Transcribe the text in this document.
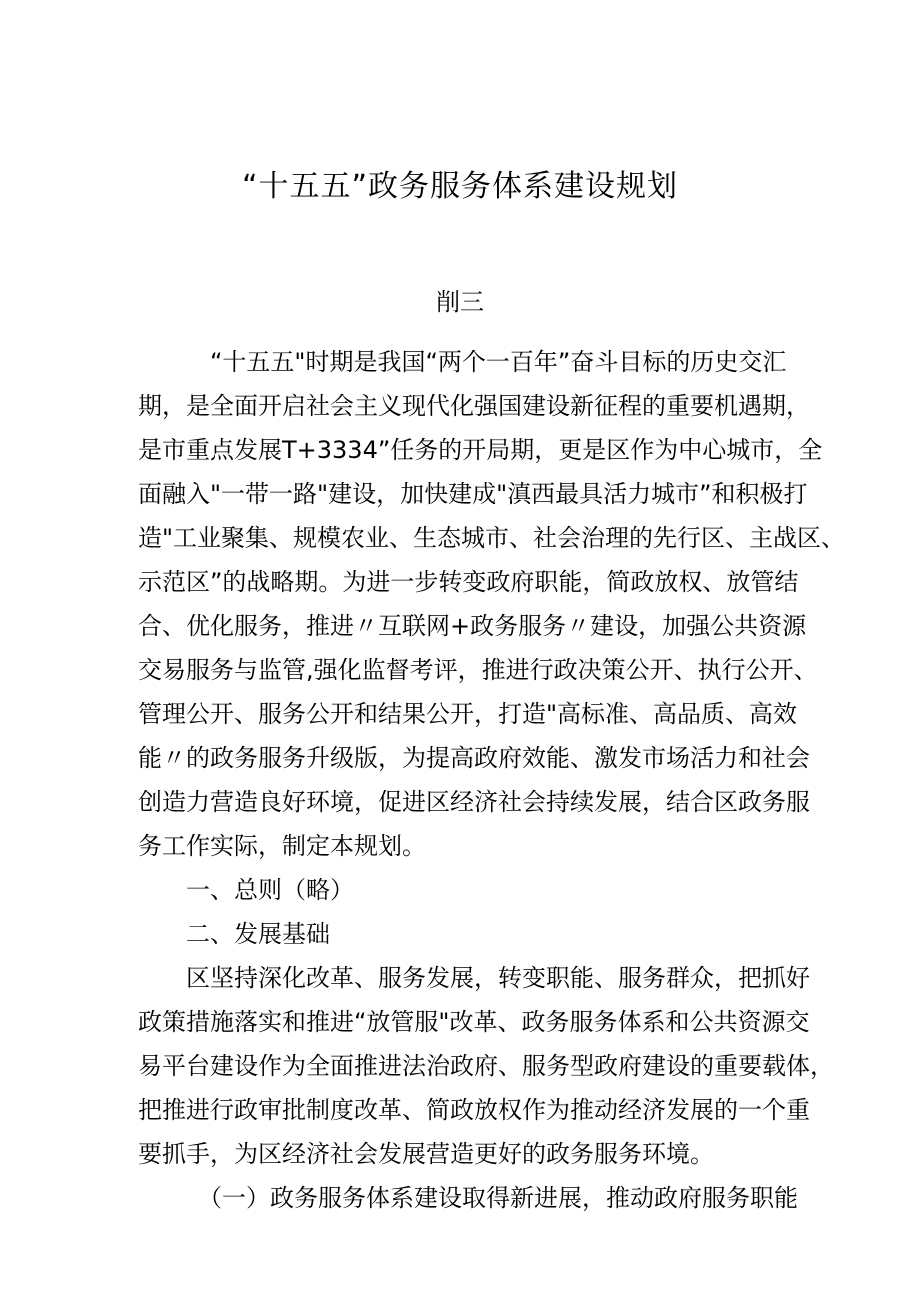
“十五五”政务服务体系建设规划
削三
“十五五"时期是我国“两个一百年”奋斗目标的历史交汇
期，是全面开启社会主义现代化强国建设新征程的重要机遇期，
是市重点发展T+3334”任务的开局期，更是区作为中心城市，全
面融入"一带一路"建设，加快建成"滇西最具活力城市”和积极打
造"工业聚集、规模农业、生态城市、社会治理的先行区、主战区、
示范区”的战略期。为进一步转变政府职能，简政放权、放管结
合、优化服务，推进〃互联网+政务服务〃建设，加强公共资源
交易服务与监管,强化监督考评，推进行政决策公开、执行公开、
管理公开、服务公开和结果公开，打造"高标准、高品质、高效
能〃的政务服务升级版，为提高政府效能、激发市场活力和社会
创造力营造良好环境，促进区经济社会持续发展，结合区政务服
务工作实际，制定本规划。
一、总则（略）
二、发展基础
区坚持深化改革、服务发展，转变职能、服务群众，把抓好
政策措施落实和推进“放管服"改革、政务服务体系和公共资源交
易平台建设作为全面推进法治政府、服务型政府建设的重要载体，
把推进行政审批制度改革、简政放权作为推动经济发展的一个重
要抓手，为区经济社会发展营造更好的政务服务环境。
（一）政务服务体系建设取得新进展，推动政府服务职能
